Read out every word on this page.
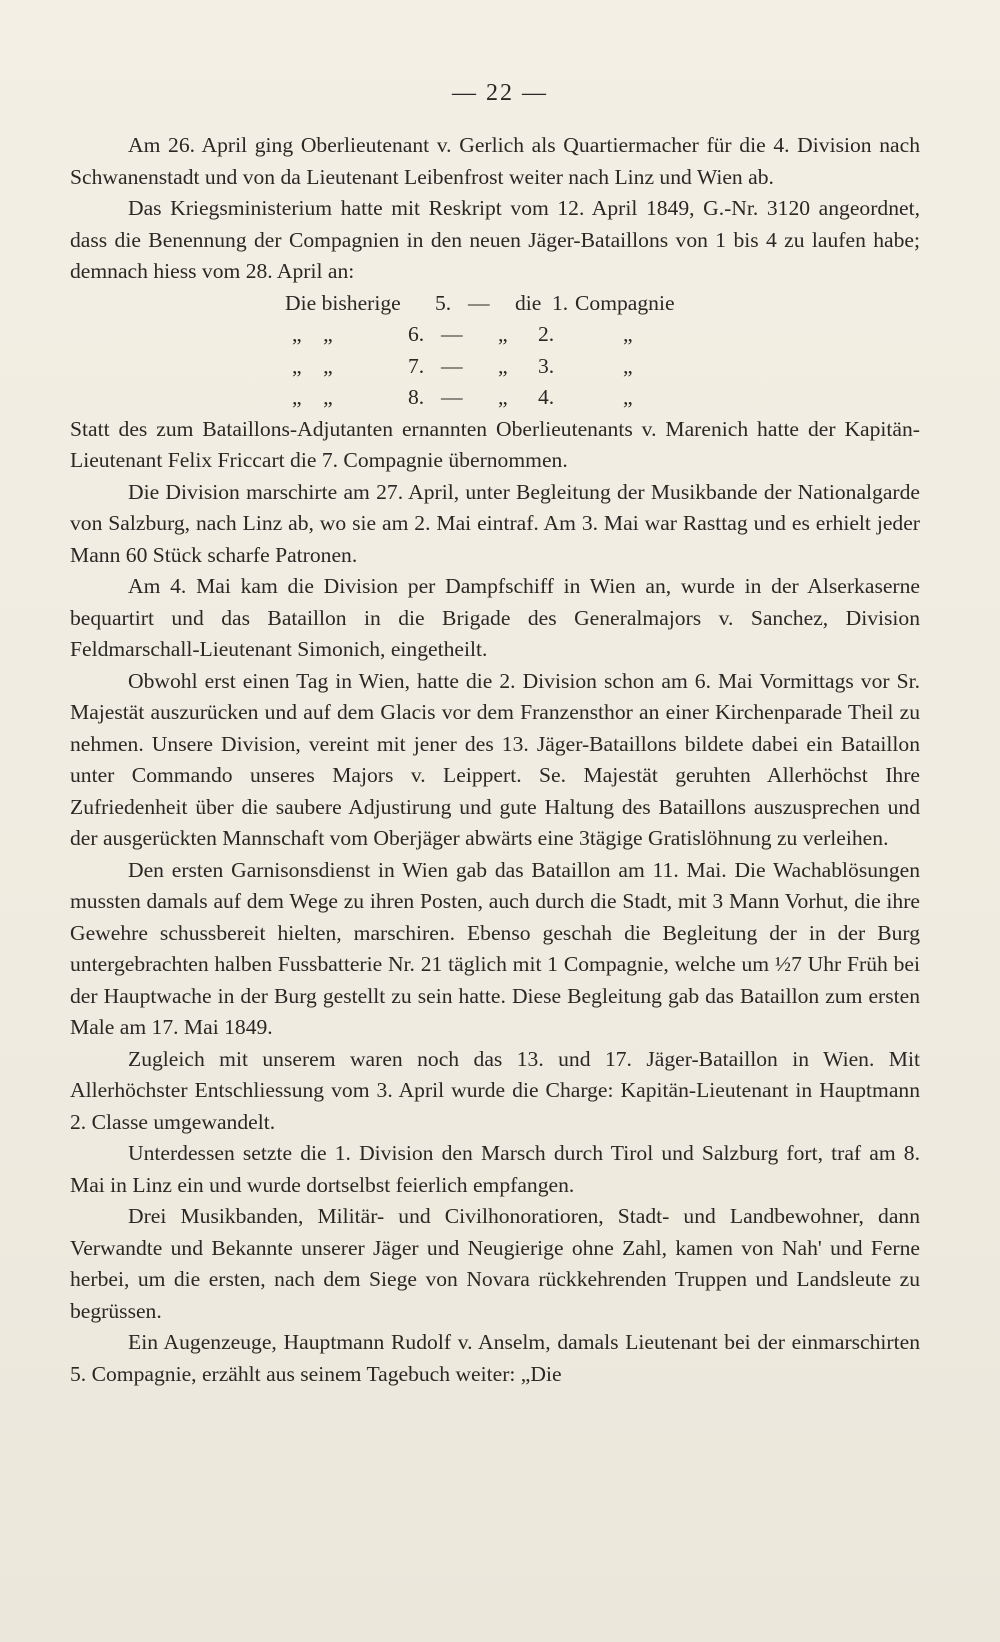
— 22 —

Am 26. April ging Oberlieutenant v. Gerlich als Quartiermacher für die 4. Division nach Schwanenstadt und von da Lieutenant Leibenfrost weiter nach Linz und Wien ab.

Das Kriegsministerium hatte mit Reskript vom 12. April 1849, G.-Nr. 3120 angeordnet, dass die Benennung der Compagnien in den neuen Jäger-Bataillons von 1 bis 4 zu laufen habe; demnach hiess vom 28. April an:

Die bisherige 5. — die 1. Compagnie
„    „	6. — „ 2.	„
„    „	7. — „ 3.	„
„    „	8. — „ 4.	„

Statt des zum Bataillons-Adjutanten ernannten Oberlieutenants v. Marenich hatte der Kapitän-Lieutenant Felix Friccart die 7. Compagnie übernommen.

Die Division marschirte am 27. April, unter Begleitung der Musikbande der Nationalgarde von Salzburg, nach Linz ab, wo sie am 2. Mai eintraf. Am 3. Mai war Rasttag und es erhielt jeder Mann 60 Stück scharfe Patronen.

Am 4. Mai kam die Division per Dampfschiff in Wien an, wurde in der Alserkaserne bequartirt und das Bataillon in die Brigade des Generalmajors v. Sanchez, Division Feldmarschall-Lieutenant Simonich, eingetheilt.

Obwohl erst einen Tag in Wien, hatte die 2. Division schon am 6. Mai Vormittags vor Sr. Majestät auszurücken und auf dem Glacis vor dem Franzensthor an einer Kirchenparade Theil zu nehmen. Unsere Division, vereint mit jener des 13. Jäger-Bataillons bildete dabei ein Bataillon unter Commando unseres Majors v. Leippert. Se. Majestät geruhten Allerhöchst Ihre Zufriedenheit über die saubere Adjustirung und gute Haltung des Bataillons auszusprechen und der ausgerückten Mannschaft vom Oberjäger abwärts eine 3tägige Gratislöhnung zu verleihen.

Den ersten Garnisonsdienst in Wien gab das Bataillon am 11. Mai. Die Wachablösungen mussten damals auf dem Wege zu ihren Posten, auch durch die Stadt, mit 3 Mann Vorhut, die ihre Gewehre schussbereit hielten, marschiren. Ebenso geschah die Begleitung der in der Burg untergebrachten halben Fussbatterie Nr. 21 täglich mit 1 Compagnie, welche um ½7 Uhr Früh bei der Hauptwache in der Burg gestellt zu sein hatte. Diese Begleitung gab das Bataillon zum ersten Male am 17. Mai 1849.

Zugleich mit unserem waren noch das 13. und 17. Jäger-Bataillon in Wien. Mit Allerhöchster Entschliessung vom 3. April wurde die Charge: Kapitän-Lieutenant in Hauptmann 2. Classe umgewandelt.

Unterdessen setzte die 1. Division den Marsch durch Tirol und Salzburg fort, traf am 8. Mai in Linz ein und wurde dortselbst feierlich empfangen.

Drei Musikbanden, Militär- und Civilhonoratioren, Stadt- und Landbewohner, dann Verwandte und Bekannte unserer Jäger und Neugierige ohne Zahl, kamen von Nah' und Ferne herbei, um die ersten, nach dem Siege von Novara rückkehrenden Truppen und Landsleute zu begrüssen.

Ein Augenzeuge, Hauptmann Rudolf v. Anselm, damals Lieutenant bei der einmarschirten 5. Compagnie, erzählt aus seinem Tagebuch weiter: „Die
